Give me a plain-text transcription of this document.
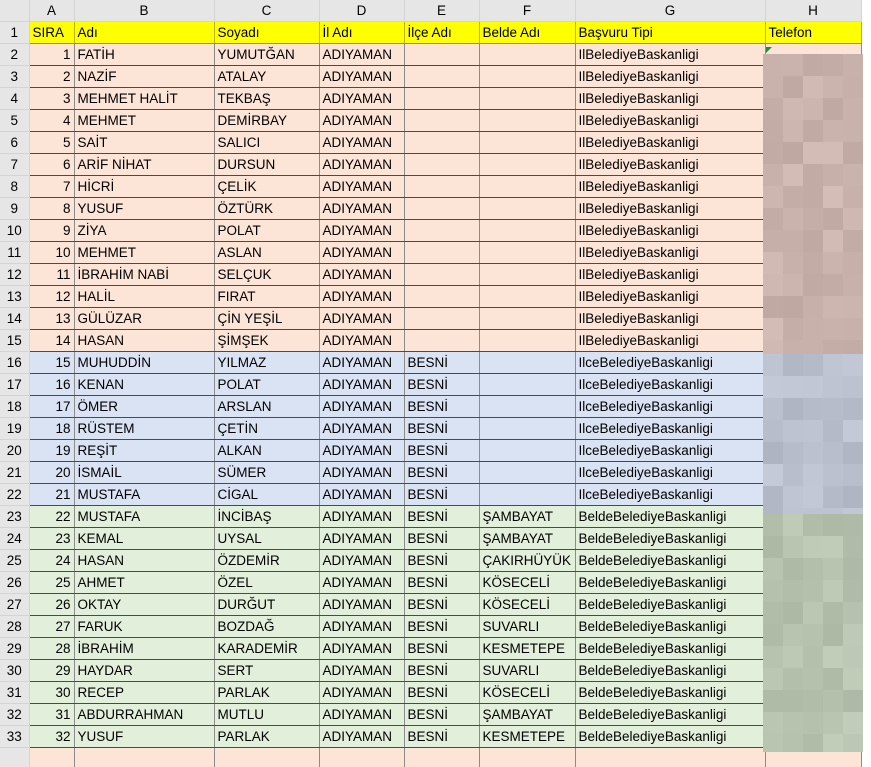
	A	B	C	D	E	F	G	H
1	SIRA	Adı	Soyadı	İl Adı	İlçe Adı	Belde Adı	Başvuru Tipi	Telefon
2	1	FATİH	YUMUTĞAN	ADIYAMAN			IlBelediyeBaskanligi	
3	2	NAZİF	ATALAY	ADIYAMAN			IlBelediyeBaskanligi	
4	3	MEHMET HALİT	TEKBAŞ	ADIYAMAN			IlBelediyeBaskanligi	
5	4	MEHMET	DEMİRBAY	ADIYAMAN			IlBelediyeBaskanligi	
6	5	SAİT	SALICI	ADIYAMAN			IlBelediyeBaskanligi	
7	6	ARİF NİHAT	DURSUN	ADIYAMAN			IlBelediyeBaskanligi	
8	7	HİCRİ	ÇELİK	ADIYAMAN			IlBelediyeBaskanligi	
9	8	YUSUF	ÖZTÜRK	ADIYAMAN			IlBelediyeBaskanligi	
10	9	ZİYA	POLAT	ADIYAMAN			IlBelediyeBaskanligi	
11	10	MEHMET	ASLAN	ADIYAMAN			IlBelediyeBaskanligi	
12	11	İBRAHİM NABİ	SELÇUK	ADIYAMAN			IlBelediyeBaskanligi	
13	12	HALİL	FIRAT	ADIYAMAN			IlBelediyeBaskanligi	
14	13	GÜLÜZAR	ÇİN YEŞİL	ADIYAMAN			IlBelediyeBaskanligi	
15	14	HASAN	ŞİMŞEK	ADIYAMAN			IlBelediyeBaskanligi	
16	15	MUHUDDİN	YILMAZ	ADIYAMAN	BESNİ		IlceBelediyeBaskanligi	
17	16	KENAN	POLAT	ADIYAMAN	BESNİ		IlceBelediyeBaskanligi	
18	17	ÖMER	ARSLAN	ADIYAMAN	BESNİ		IlceBelediyeBaskanligi	
19	18	RÜSTEM	ÇETİN	ADIYAMAN	BESNİ		IlceBelediyeBaskanligi	
20	19	REŞİT	ALKAN	ADIYAMAN	BESNİ		IlceBelediyeBaskanligi	
21	20	İSMAİL	SÜMER	ADIYAMAN	BESNİ		IlceBelediyeBaskanligi	
22	21	MUSTAFA	CİGAL	ADIYAMAN	BESNİ		IlceBelediyeBaskanligi	
23	22	MUSTAFA	İNCİBAŞ	ADIYAMAN	BESNİ	ŞAMBAYAT	BeldeBelediyeBaskanligi	
24	23	KEMAL	UYSAL	ADIYAMAN	BESNİ	ŞAMBAYAT	BeldeBelediyeBaskanligi	
25	24	HASAN	ÖZDEMİR	ADIYAMAN	BESNİ	ÇAKIRHÜYÜK	BeldeBelediyeBaskanligi	
26	25	AHMET	ÖZEL	ADIYAMAN	BESNİ	KÖSECELİ	BeldeBelediyeBaskanligi	
27	26	OKTAY	DURĞUT	ADIYAMAN	BESNİ	KÖSECELİ	BeldeBelediyeBaskanligi	
28	27	FARUK	BOZDAĞ	ADIYAMAN	BESNİ	SUVARLI	BeldeBelediyeBaskanligi	
29	28	İBRAHİM	KARADEMİR	ADIYAMAN	BESNİ	KESMETEPE	BeldeBelediyeBaskanligi	
30	29	HAYDAR	SERT	ADIYAMAN	BESNİ	SUVARLI	BeldeBelediyeBaskanligi	
31	30	RECEP	PARLAK	ADIYAMAN	BESNİ	KÖSECELİ	BeldeBelediyeBaskanligi	
32	31	ABDURRAHMAN	MUTLU	ADIYAMAN	BESNİ	ŞAMBAYAT	BeldeBelediyeBaskanligi	
33	32	YUSUF	PARLAK	ADIYAMAN	BESNİ	KESMETEPE	BeldeBelediyeBaskanligi	
